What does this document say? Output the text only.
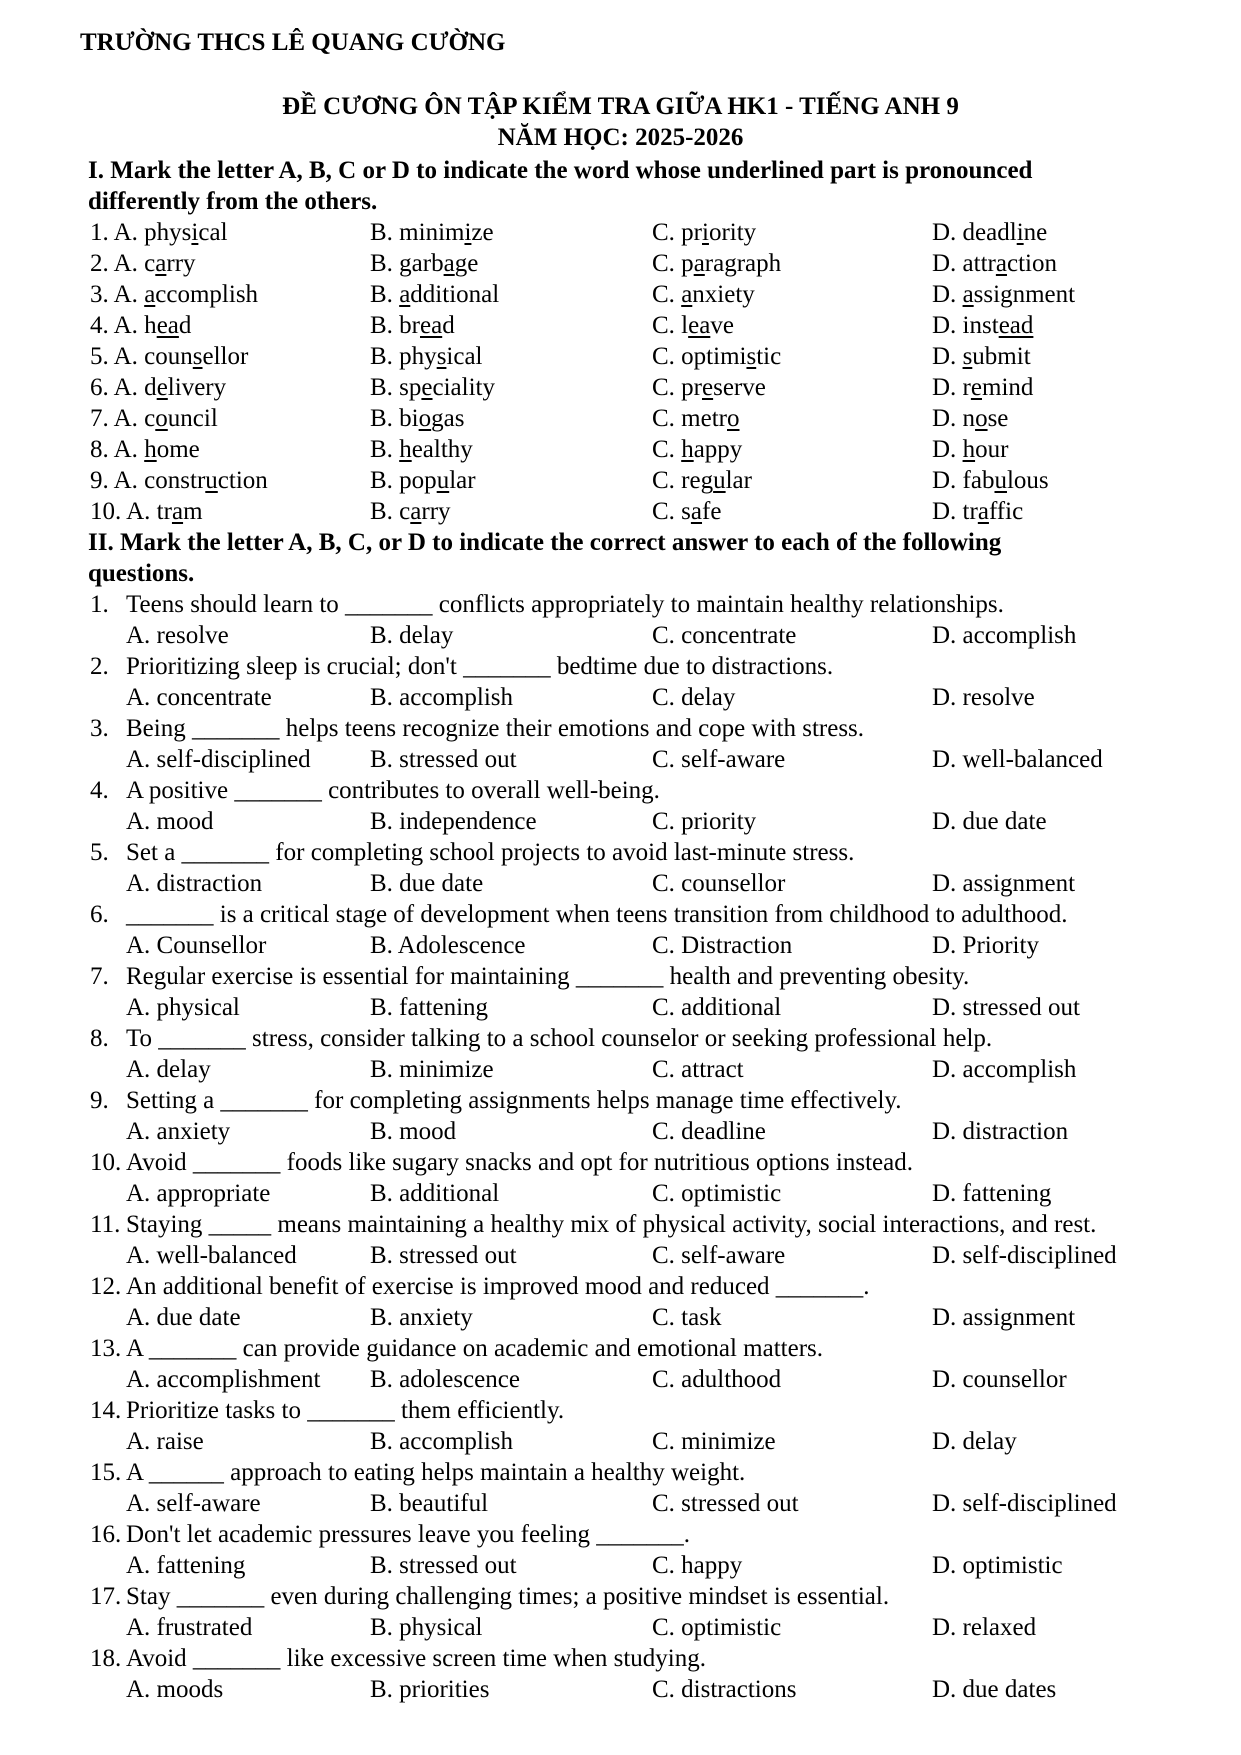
TRƯỜNG THCS LÊ QUANG CƯỜNG
ĐỀ CƯƠNG ÔN TẬP KIỂM TRA GIỮA HK1 - TIẾNG ANH 9
NĂM HỌC: 2025-2026
I. Mark the letter A, B, C or D to indicate the word whose underlined part is pronounced
differently from the others.
1. A. physical	B. minimize	C. priority	D. deadline
2. A. carry	B. garbage	C. paragraph	D. attraction
3. A. accomplish	B. additional	C. anxiety	D. assignment
4. A. head	B. bread	C. leave	D. instead
5. A. counsellor	B. physical	C. optimistic	D. submit
6. A. delivery	B. speciality	C. preserve	D. remind
7. A. council	B. biogas	C. metro	D. nose
8. A. home	B. healthy	C. happy	D. hour
9. A. construction	B. popular	C. regular	D. fabulous
10. A. tram	B. carry	C. safe	D. traffic
II. Mark the letter A, B, C, or D to indicate the correct answer to each of the following
questions.
1. Teens should learn to _______ conflicts appropriately to maintain healthy relationships.
A. resolve	B. delay	C. concentrate	D. accomplish
2. Prioritizing sleep is crucial; don't _______ bedtime due to distractions.
A. concentrate	B. accomplish	C. delay	D. resolve
3. Being _______ helps teens recognize their emotions and cope with stress.
A. self-disciplined B. stressed out	C. self-aware	D. well-balanced
4. A positive _______ contributes to overall well-being.
A. mood	B. independence	C. priority	D. due date
5. Set a _______ for completing school projects to avoid last-minute stress.
A. distraction	B. due date	C. counsellor	D. assignment
6. _______ is a critical stage of development when teens transition from childhood to adulthood.
A. Counsellor	B. Adolescence	C. Distraction	D. Priority
7. Regular exercise is essential for maintaining _______ health and preventing obesity.
A. physical	B. fattening	C. additional	D. stressed out
8. To _______ stress, consider talking to a school counselor or seeking professional help.
A. delay	B. minimize	C. attract	D. accomplish
9. Setting a _______ for completing assignments helps manage time effectively.
A. anxiety	B. mood	C. deadline	D. distraction
10. Avoid _______ foods like sugary snacks and opt for nutritious options instead.
A. appropriate	B. additional	C. optimistic	D. fattening
11. Staying _____ means maintaining a healthy mix of physical activity, social interactions, and rest.
A. well-balanced	B. stressed out	C. self-aware	D. self-disciplined
12. An additional benefit of exercise is improved mood and reduced _______.
A. due date	B. anxiety	C. task	D. assignment
13. A _______ can provide guidance on academic and emotional matters.
A. accomplishment B. adolescence	C. adulthood	D. counsellor
14. Prioritize tasks to _______ them efficiently.
A. raise	B. accomplish	C. minimize	D. delay
15. A ______ approach to eating helps maintain a healthy weight.
A. self-aware	B. beautiful	C. stressed out	D. self-disciplined
16. Don't let academic pressures leave you feeling _______.
A. fattening	B. stressed out	C. happy	D. optimistic
17. Stay _______ even during challenging times; a positive mindset is essential.
A. frustrated	B. physical	C. optimistic	D. relaxed
18. Avoid _______ like excessive screen time when studying.
A. moods	B. priorities	C. distractions	D. due dates
